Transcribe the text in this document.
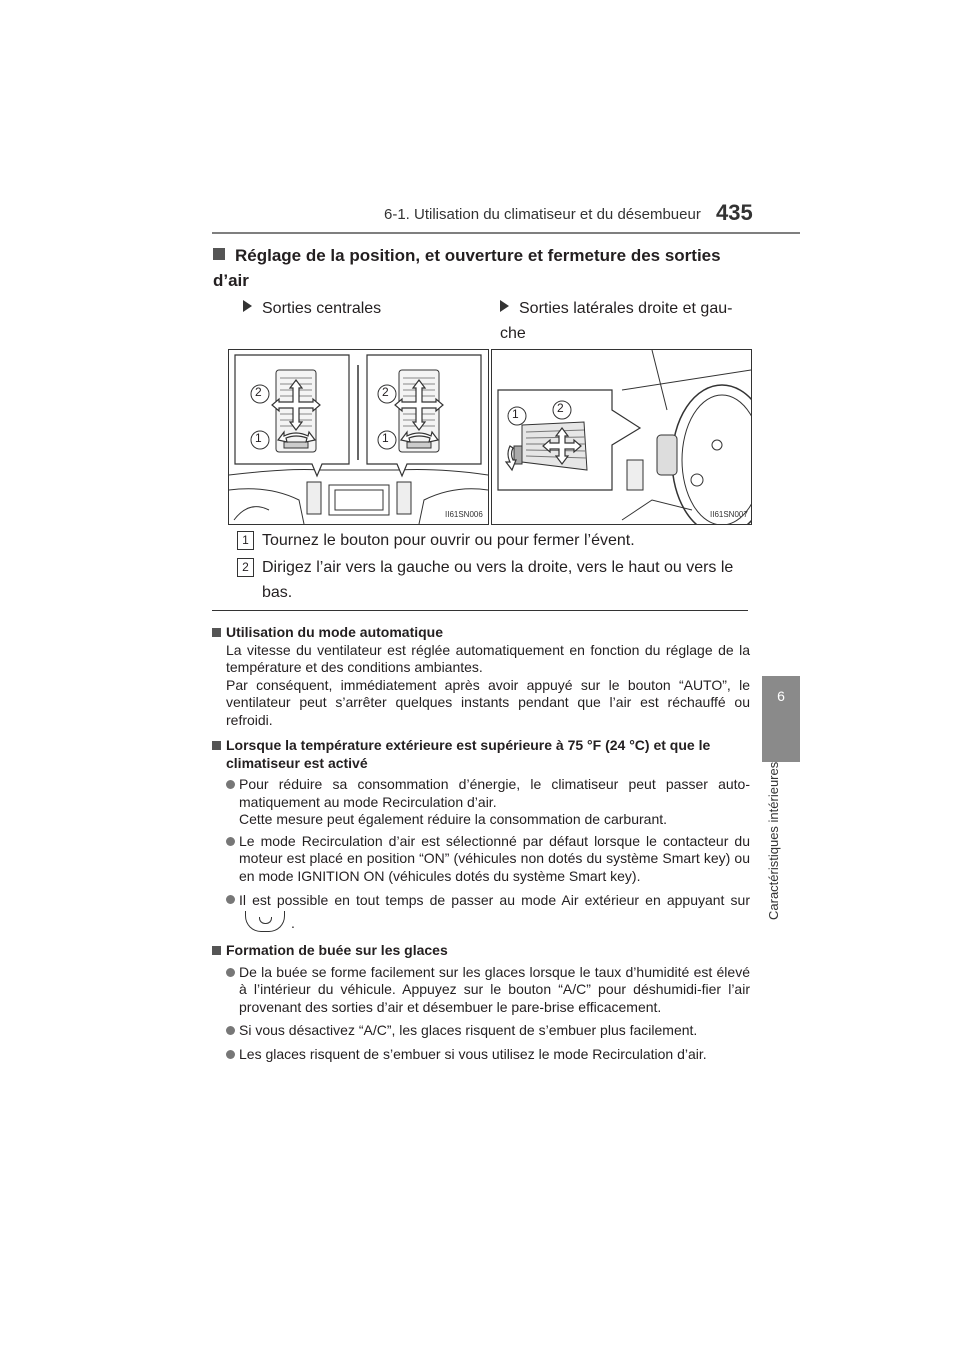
6-1. Utilisation du climatiseur et du désembueur 435
6
Caractéristiques intérieures
Réglage de la position, et ouverture et fermeture des sorties d’air
Sorties centrales	Sorties latérales droite et gau-che
2
1
2
1
II61SN006
1	2
II61SN007
1 Tournez le bouton pour ouvrir ou pour fermer l’évent.
2 Dirigez l’air vers la gauche ou vers la droite, vers le haut ou vers le bas.
Utilisation du mode automatique
La vitesse du ventilateur est réglée automatiquement en fonction du réglage de la température et des conditions ambiantes.
Par conséquent, immédiatement après avoir appuyé sur le bouton “AUTO”, le ventilateur peut s’arrêter quelques instants pendant que l’air est réchauffé ou refroidi.
Lorsque la température extérieure est supérieure à 75 °F (24 °C) et que le climatiseur est activé
Pour réduire sa consommation d’énergie, le climatiseur peut passer auto-matiquement au mode Recirculation d’air.
Cette mesure peut également réduire la consommation de carburant.
Le mode Recirculation d’air est sélectionné par défaut lorsque le contacteur du moteur est placé en position “ON” (véhicules non dotés du système Smart key) ou en mode IGNITION ON (véhicules dotés du système Smart key).
Il est possible en tout temps de passer au mode Air extérieur en appuyant sur.
Formation de buée sur les glaces
De la buée se forme facilement sur les glaces lorsque le taux d’humidité est élevé à l’intérieur du véhicule. Appuyez sur le bouton “A/C” pour déshumidi-fier l’air provenant des sorties d’air et désembuer le pare-brise efficacement.
Si vous désactivez “A/C”, les glaces risquent de s’embuer plus facilement.
Les glaces risquent de s’embuer si vous utilisez le mode Recirculation d’air.
